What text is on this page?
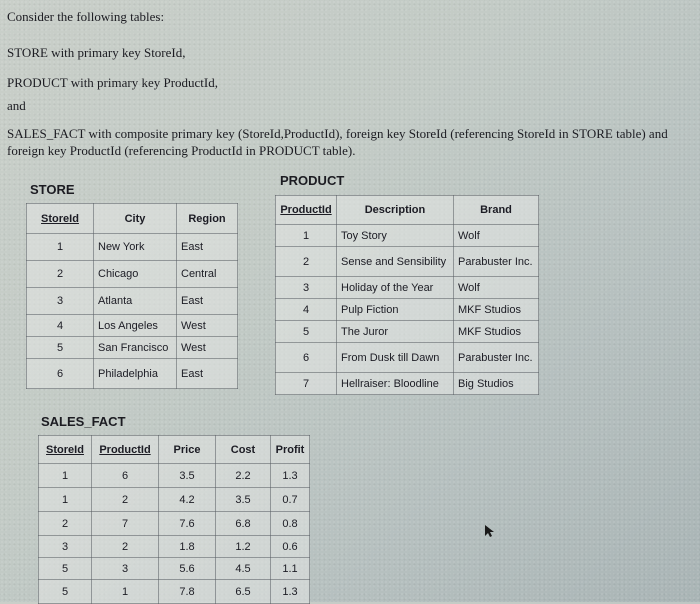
Consider the following tables:

STORE with primary key StoreId,

PRODUCT with primary key ProductId,

and

SALES_FACT with composite primary key (StoreId,ProductId), foreign key StoreId (referencing StoreId in STORE table) and foreign key ProductId (referencing ProductId in PRODUCT table).

STORE
StoreId	City	Region
1	New York	East
2	Chicago	Central
3	Atlanta	East
4	Los Angeles	West
5	San Francisco	West
6	Philadelphia	East
PRODUCT
ProductId	Description	Brand
1	Toy Story	Wolf
2	Sense and Sensibility	Parabuster Inc.
3	Holiday of the Year	Wolf
4	Pulp Fiction	MKF Studios
5	The Juror	MKF Studios
6	From Dusk till Dawn	Parabuster Inc.
7	Hellraiser: Bloodline	Big Studios
SALES_FACT
StoreId	ProductId	Price	Cost	Profit
1	6	3.5	2.2	1.3
1	2	4.2	3.5	0.7
2	7	7.6	6.8	0.8
3	2	1.8	1.2	0.6
5	3	5.6	4.5	1.1
5	1	7.8	6.5	1.3
